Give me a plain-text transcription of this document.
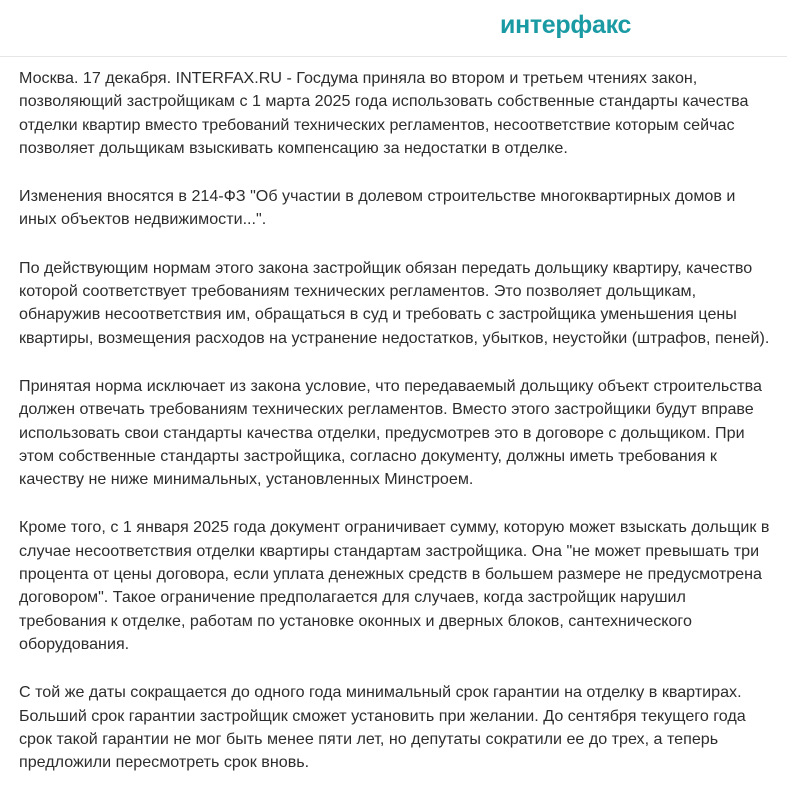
интерфакс

Москва. 17 декабря. INTERFAX.RU - Госдума приняла во втором и третьем чтениях закон, позволяющий застройщикам с 1 марта 2025 года использовать собственные стандарты качества отделки квартир вместо требований технических регламентов, несоответствие которым сейчас позволяет дольщикам взыскивать компенсацию за недостатки в отделке.

Изменения вносятся в 214-ФЗ "Об участии в долевом строительстве многоквартирных домов и иных объектов недвижимости...".

По действующим нормам этого закона застройщик обязан передать дольщику квартиру, качество которой соответствует требованиям технических регламентов. Это позволяет дольщикам, обнаружив несоответствия им, обращаться в суд и требовать с застройщика уменьшения цены квартиры, возмещения расходов на устранение недостатков, убытков, неустойки (штрафов, пеней).

Принятая норма исключает из закона условие, что передаваемый дольщику объект строительства должен отвечать требованиям технических регламентов. Вместо этого застройщики будут вправе использовать свои стандарты качества отделки, предусмотрев это в договоре с дольщиком. При этом собственные стандарты застройщика, согласно документу, должны иметь требования к качеству не ниже минимальных, установленных Минстроем.

Кроме того, с 1 января 2025 года документ ограничивает сумму, которую может взыскать дольщик в случае несоответствия отделки квартиры стандартам застройщика. Она "не может превышать три процента от цены договора, если уплата денежных средств в большем размере не предусмотрена договором". Такое ограничение предполагается для случаев, когда застройщик нарушил требования к отделке, работам по установке оконных и дверных блоков, сантехнического оборудования.

С той же даты сокращается до одного года минимальный срок гарантии на отделку в квартирах. Больший срок гарантии застройщик сможет установить при желании. До сентября текущего года срок такой гарантии не мог быть менее пяти лет, но депутаты сократили ее до трех, а теперь предложили пересмотреть срок вновь.
